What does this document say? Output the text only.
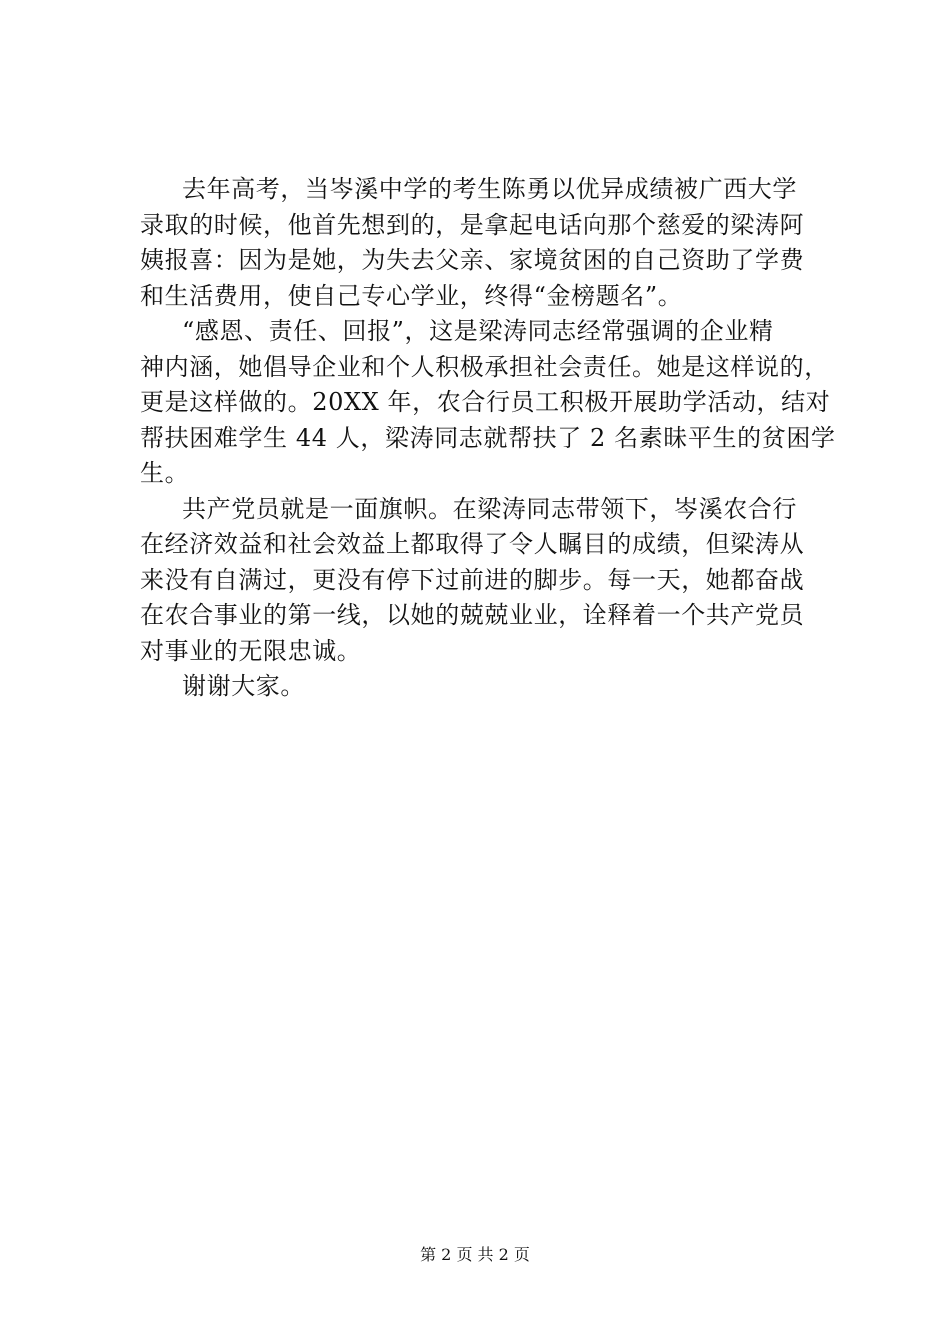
去年高考，当岑溪中学的考生陈勇以优异成绩被广西大学
录取的时候，他首先想到的，是拿起电话向那个慈爱的梁涛阿
姨报喜：因为是她，为失去父亲、家境贫困的自己资助了学费
和生活费用，使自己专心学业，终得“金榜题名”。
“感恩、责任、回报”，这是梁涛同志经常强调的企业精
神内涵，她倡导企业和个人积极承担社会责任。她是这样说的，
更是这样做的。20XX 年，农合行员工积极开展助学活动，结对
帮扶困难学生 44 人，梁涛同志就帮扶了 2 名素昧平生的贫困学
生。
共产党员就是一面旗帜。在梁涛同志带领下，岑溪农合行
在经济效益和社会效益上都取得了令人瞩目的成绩，但梁涛从
来没有自满过，更没有停下过前进的脚步。每一天，她都奋战
在农合事业的第一线，以她的兢兢业业，诠释着一个共产党员
对事业的无限忠诚。
谢谢大家。
第 2 页 共 2 页
